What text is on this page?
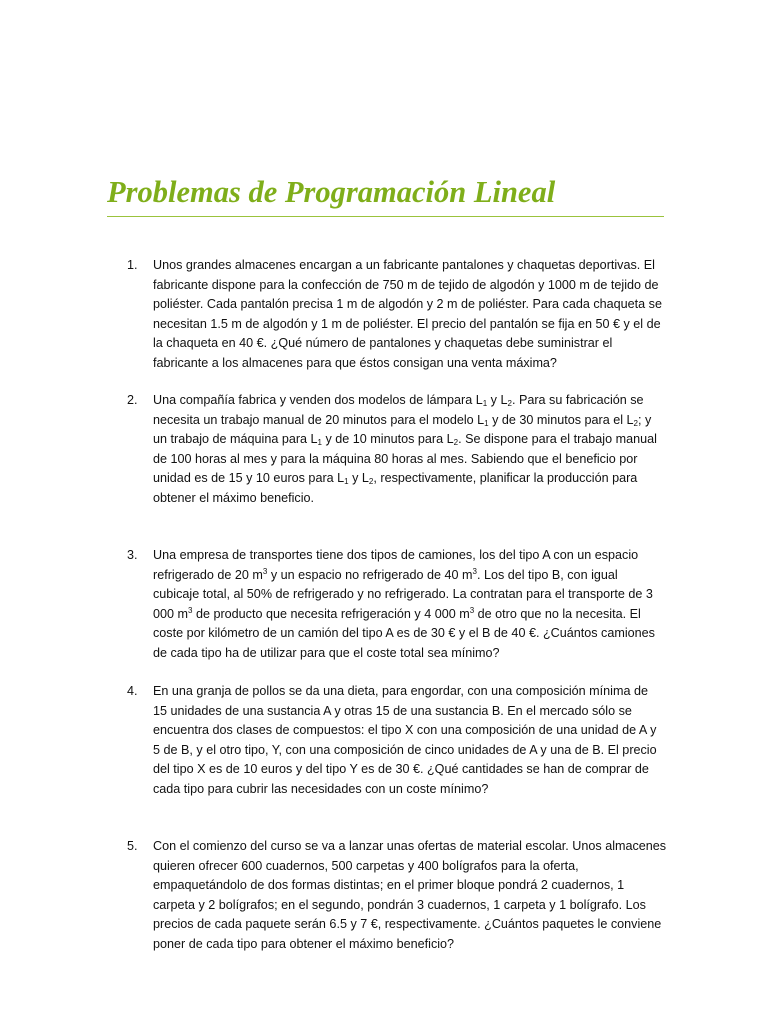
Problemas de Programación Lineal
1.	Unos grandes almacenes encargan a un fabricante pantalones y chaquetas deportivas. El
fabricante dispone para la confección de 750 m de tejido de algodón y 1000 m de tejido de
poliéster. Cada pantalón precisa 1 m de algodón y 2 m de poliéster. Para cada chaqueta se
necesitan 1.5 m de algodón y 1 m de poliéster. El precio del pantalón se fija en 50 € y el de
la chaqueta en 40 €. ¿Qué número de pantalones y chaquetas debe suministrar el
fabricante a los almacenes para que éstos consigan una venta máxima?
2.	Una compañía fabrica y venden dos modelos de lámpara $L_1$ y $L_2$. Para su fabricación se
necesita un trabajo manual de 20 minutos para el modelo $L_1$ y de 30 minutos para el $L_2$; y
un trabajo de máquina para $L_1$ y de 10 minutos para $L_2$. Se dispone para el trabajo manual
de 100 horas al mes y para la máquina 80 horas al mes. Sabiendo que el beneficio por
unidad es de 15 y 10 euros para $L_1$ y $L_2$, respectivamente, planificar la producción para
obtener el máximo beneficio.
3.	Una empresa de transportes tiene dos tipos de camiones, los del tipo A con un espacio
refrigerado de 20 $m^3$ y un espacio no refrigerado de 40 $m^3$. Los del tipo B, con igual
cubicaje total, al 50% de refrigerado y no refrigerado. La contratan para el transporte de 3
000 $m^3$ de producto que necesita refrigeración y 4 000 $m^3$ de otro que no la necesita. El
coste por kilómetro de un camión del tipo A es de 30 € y el B de 40 €. ¿Cuántos camiones
de cada tipo ha de utilizar para que el coste total sea mínimo?
4.	En una granja de pollos se da una dieta, para engordar, con una composición mínima de
15 unidades de una sustancia A y otras 15 de una sustancia B. En el mercado sólo se
encuentra dos clases de compuestos: el tipo X con una composición de una unidad de A y
5 de B, y el otro tipo, Y, con una composición de cinco unidades de A y una de B. El precio
del tipo X es de 10 euros y del tipo Y es de 30 €. ¿Qué cantidades se han de comprar de
cada tipo para cubrir las necesidades con un coste mínimo?
5.	Con el comienzo del curso se va a lanzar unas ofertas de material escolar. Unos almacenes
quieren ofrecer 600 cuadernos, 500 carpetas y 400 bolígrafos para la oferta,
empaquetándolo de dos formas distintas; en el primer bloque pondrá 2 cuadernos, 1
carpeta y 2 bolígrafos; en el segundo, pondrán 3 cuadernos, 1 carpeta y 1 bolígrafo. Los
precios de cada paquete serán 6.5 y 7 €, respectivamente. ¿Cuántos paquetes le conviene
poner de cada tipo para obtener el máximo beneficio?
